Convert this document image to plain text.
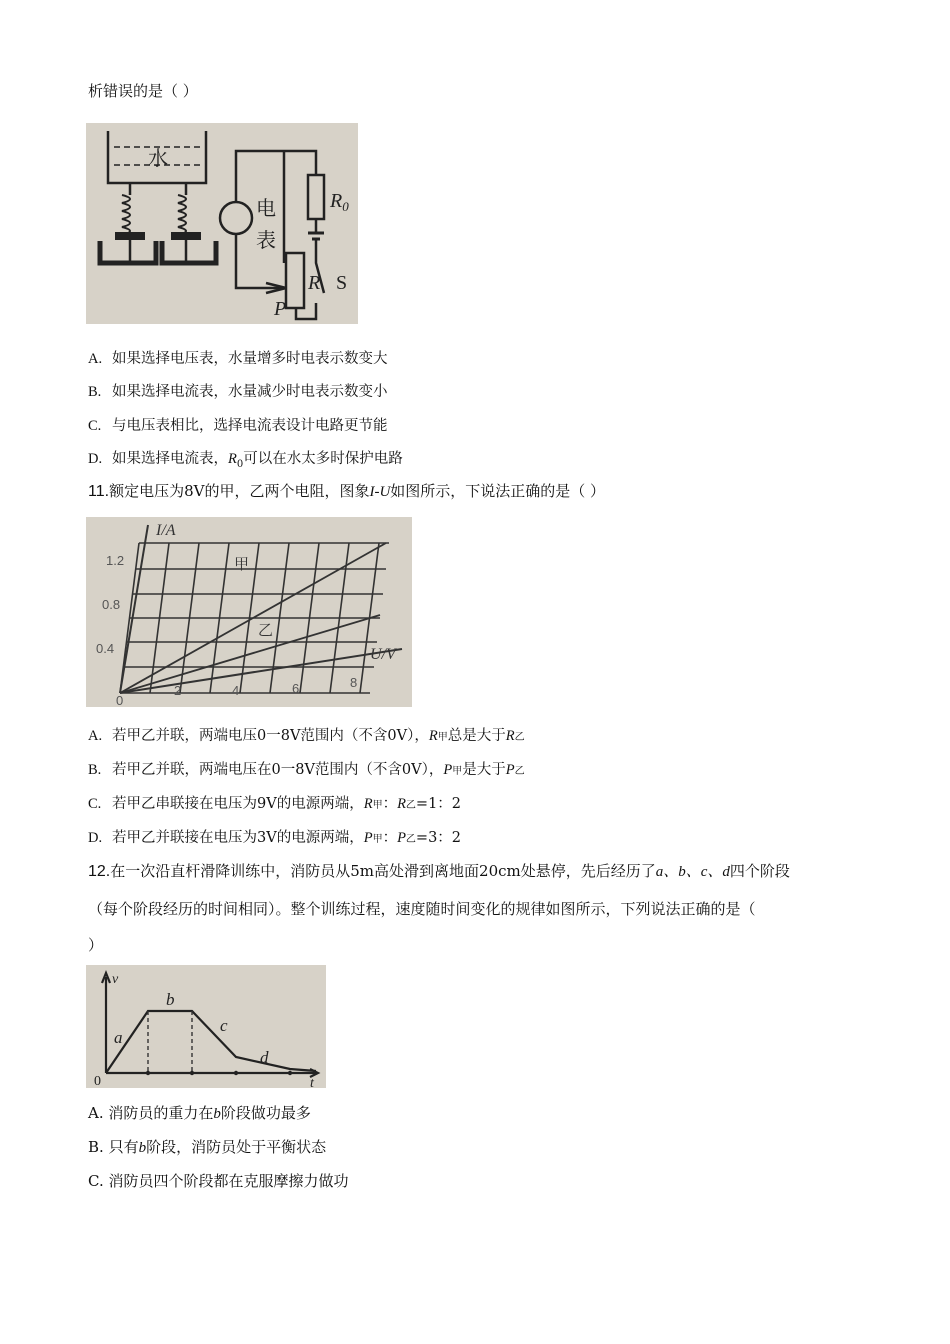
析错误的是（ ）
水
电
表
$R_0$
R S
P
A. 如果选择电压表，水量增多时电表示数变大
B. 如果选择电流表，水量减少时电表示数变小
C. 与电压表相比，选择电流表设计电路更节能
D. 如果选择电流表，$R_0$可以在水太多时保护电路
11.额定电压为8V的甲，乙两个电阻，图象I-U如图所示，下说法正确的是（ ）
I/A
U/V
1.2
0.8
0.4
0
2	4	6	8
甲
乙
A. 若甲乙并联，两端电压0一8V范围内（不含0V），R甲总是大于R乙
B. 若甲乙并联，两端电压在0一8V范围内（不含0V），P甲是大于P乙
C. 若甲乙串联接在电压为9V的电源两端，R甲：R乙=1：2
D. 若甲乙并联接在电压为3V的电源两端，P甲：P乙=3：2
12.在一次沿直杆滑降训练中，消防员从5m高处滑到离地面20cm处悬停，先后经历了a、b、c、d四个阶段
（每个阶段经历的时间相同）。整个训练过程，速度随时间变化的规律如图所示，下列说法正确的是（
）
v
t
0
a
b
c
d
A. 消防员的重力在b阶段做功最多
B. 只有b阶段，消防员处于平衡状态
C. 消防员四个阶段都在克服摩擦力做功
